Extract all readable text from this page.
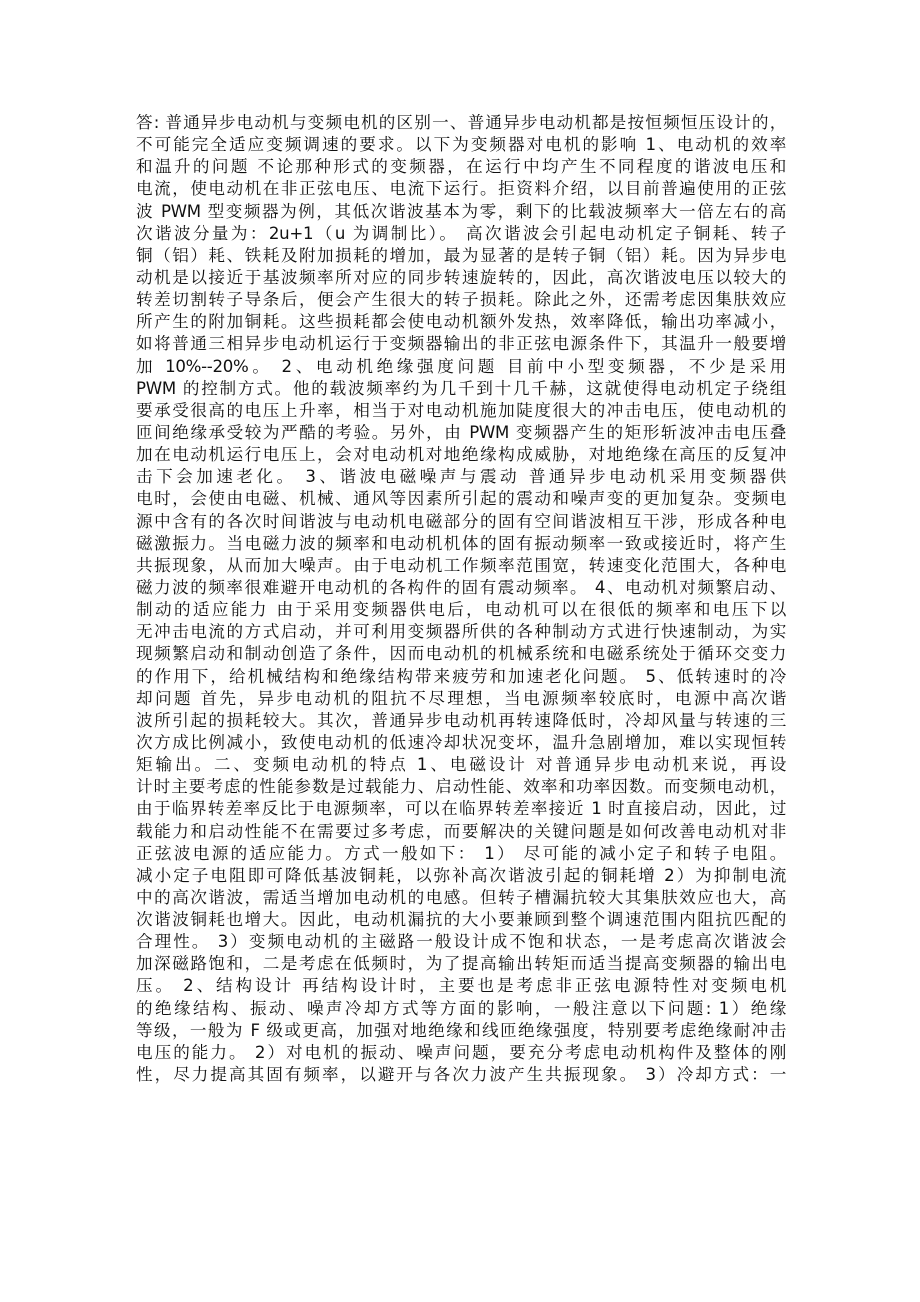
答: 普通异步电动机与变频电机的区别一、普通异步电动机都是按恒频恒压设计的，
不可能完全适应变频调速的要求。以下为变频器对电机的影响 1、电动机的效率
和温升的问题 不论那种形式的变频器，在运行中均产生不同程度的谐波电压和
电流，使电动机在非正弦电压、电流下运行。拒资料介绍，以目前普遍使用的正弦
波 PWM 型变频器为例，其低次谐波基本为零，剩下的比载波频率大一倍左右的高
次谐波分量为：2u+1（u 为调制比）。 高次谐波会引起电动机定子铜耗、转子
铜（铝）耗、铁耗及附加损耗的增加，最为显著的是转子铜（铝）耗。因为异步电
动机是以接近于基波频率所对应的同步转速旋转的，因此，高次谐波电压以较大的
转差切割转子导条后，便会产生很大的转子损耗。除此之外，还需考虑因集肤效应
所产生的附加铜耗。这些损耗都会使电动机额外发热，效率降低，输出功率减小，
如将普通三相异步电动机运行于变频器输出的非正弦电源条件下，其温升一般要增
加 10%--20%。 2、电动机绝缘强度问题 目前中小型变频器，不少是采用
PWM 的控制方式。他的载波频率约为几千到十几千赫，这就使得电动机定子绕组
要承受很高的电压上升率，相当于对电动机施加陡度很大的冲击电压，使电动机的
匝间绝缘承受较为严酷的考验。另外，由 PWM 变频器产生的矩形斩波冲击电压叠
加在电动机运行电压上，会对电动机对地绝缘构成威胁，对地绝缘在高压的反复冲
击下会加速老化。 3、谐波电磁噪声与震动 普通异步电动机采用变频器供
电时，会使由电磁、机械、通风等因素所引起的震动和噪声变的更加复杂。变频电
源中含有的各次时间谐波与电动机电磁部分的固有空间谐波相互干涉，形成各种电
磁激振力。当电磁力波的频率和电动机机体的固有振动频率一致或接近时，将产生
共振现象，从而加大噪声。由于电动机工作频率范围宽，转速变化范围大，各种电
磁力波的频率很难避开电动机的各构件的固有震动频率。 4、电动机对频繁启动、
制动的适应能力 由于采用变频器供电后，电动机可以在很低的频率和电压下以
无冲击电流的方式启动，并可利用变频器所供的各种制动方式进行快速制动，为实
现频繁启动和制动创造了条件，因而电动机的机械系统和电磁系统处于循环交变力
的作用下，给机械结构和绝缘结构带来疲劳和加速老化问题。 5、低转速时的冷
却问题 首先，异步电动机的阻抗不尽理想，当电源频率较底时，电源中高次谐
波所引起的损耗较大。其次，普通异步电动机再转速降低时，冷却风量与转速的三
次方成比例减小，致使电动机的低速冷却状况变坏，温升急剧增加，难以实现恒转
矩输出。二、变频电动机的特点 1、电磁设计 对普通异步电动机来说，再设
计时主要考虑的性能参数是过载能力、启动性能、效率和功率因数。而变频电动机，
由于临界转差率反比于电源频率，可以在临界转差率接近 1 时直接启动，因此，过
载能力和启动性能不在需要过多考虑，而要解决的关键问题是如何改善电动机对非
正弦波电源的适应能力。方式一般如下： 1） 尽可能的减小定子和转子电阻。
减小定子电阻即可降低基波铜耗，以弥补高次谐波引起的铜耗增 2）为抑制电流
中的高次谐波，需适当增加电动机的电感。但转子槽漏抗较大其集肤效应也大，高
次谐波铜耗也增大。因此，电动机漏抗的大小要兼顾到整个调速范围内阻抗匹配的
合理性。 3）变频电动机的主磁路一般设计成不饱和状态，一是考虑高次谐波会
加深磁路饱和，二是考虑在低频时，为了提高输出转矩而适当提高变频器的输出电
压。 2、结构设计 再结构设计时，主要也是考虑非正弦电源特性对变频电机
的绝缘结构、振动、噪声冷却方式等方面的影响，一般注意以下问题: 1）绝缘
等级，一般为 F 级或更高，加强对地绝缘和线匝绝缘强度，特别要考虑绝缘耐冲击
电压的能力。 2）对电机的振动、噪声问题，要充分考虑电动机构件及整体的刚
性，尽力提高其固有频率，以避开与各次力波产生共振现象。 3）冷却方式：一
